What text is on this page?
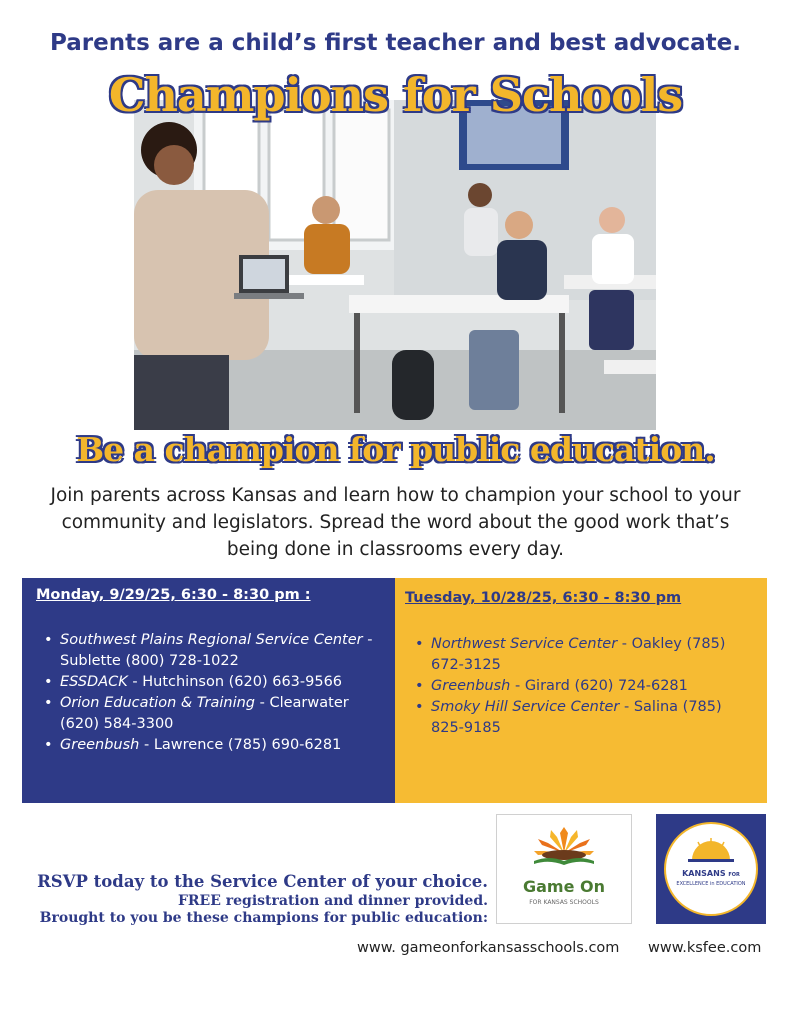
Parents are a child’s first teacher and best advocate.
Champions for Schools
Be a champion for public education.
Join parents across Kansas and learn how to champion your school to your community and legislators. Spread the word about the good work that’s being done in classrooms every day.
Monday, 9/29/25, 6:30 - 8:30 pm :
• Southwest Plains Regional Service Center - Sublette (800) 728-1022
• ESSDACK - Hutchinson (620) 663-9566
• Orion Education & Training - Clearwater (620) 584-3300
• Greenbush - Lawrence (785) 690-6281
Tuesday, 10/28/25, 6:30 - 8:30 pm
• Northwest Service Center - Oakley (785) 672-3125
• Greenbush - Girard (620) 724-6281
• Smoky Hill Service Center - Salina (785) 825-9185
RSVP today to the Service Center of your choice.
FREE registration and dinner provided.
Brought to you be these champions for public education:
Game On
FOR KANSAS SCHOOLS
KANSANS FOR
EXCELLENCE in EDUCATION
www. gameonforkansasschools.com www.ksfee.com
